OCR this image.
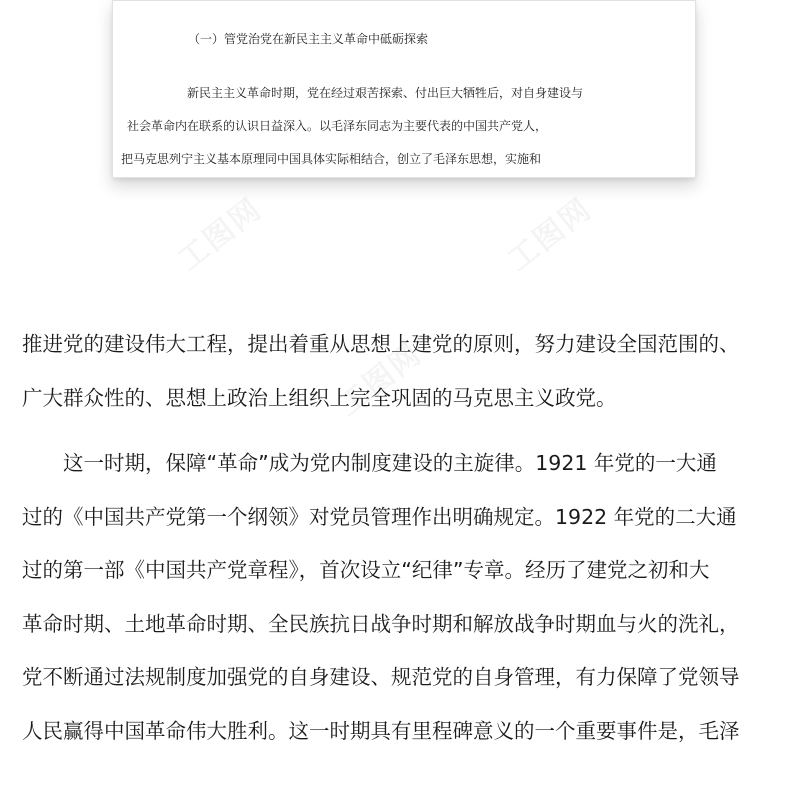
（一）管党治党在新民主主义革命中砥砺探索
新民主主义革命时期，党在经过艰苦探索、付出巨大牺牲后，对自身建设与
社会革命内在联系的认识日益深入。以毛泽东同志为主要代表的中国共产党人，
把马克思列宁主义基本原理同中国具体实际相结合，创立了毛泽东思想，实施和
推进党的建设伟大工程，提出着重从思想上建党的原则，努力建设全国范围的、
广大群众性的、思想上政治上组织上完全巩固的马克思主义政党。
这一时期，保障“革命”成为党内制度建设的主旋律。1921 年党的一大通
过的《中国共产党第一个纲领》对党员管理作出明确规定。1922 年党的二大通
过的第一部《中国共产党章程》，首次设立“纪律”专章。经历了建党之初和大
革命时期、土地革命时期、全民族抗日战争时期和解放战争时期血与火的洗礼，
党不断通过法规制度加强党的自身建设、规范党的自身管理，有力保障了党领导
人民赢得中国革命伟大胜利。这一时期具有里程碑意义的一个重要事件是，毛泽
